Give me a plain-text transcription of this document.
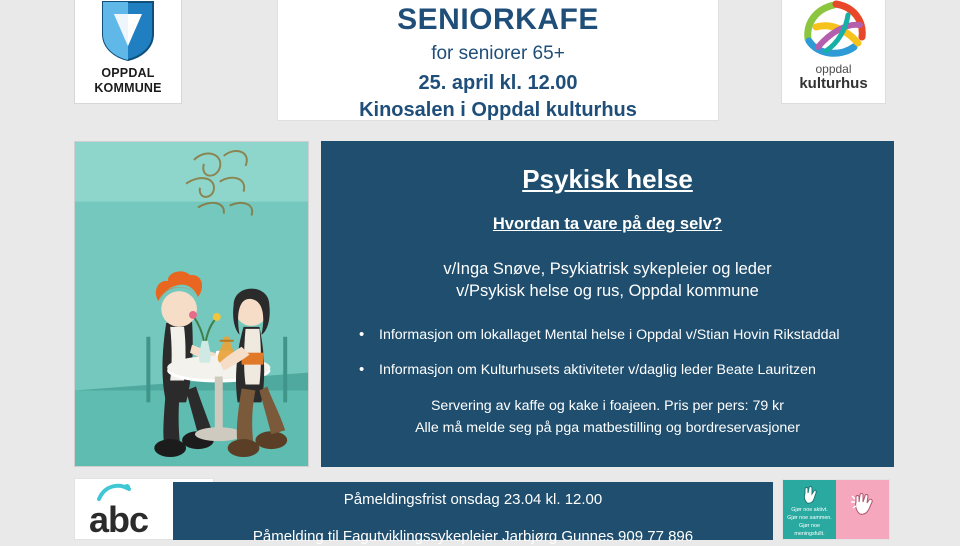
OPPDAL
KOMMUNE
SENIORKAFE
for seniorer 65+
25. april kl. 12.00
Kinosalen i Oppdal kulturhus
oppdal
kulturhus
Psykisk helse
Hvordan ta vare på deg selv?
v/Inga Snøve, Psykiatrisk sykepleier og leder
v/Psykisk helse og rus, Oppdal kommune
• Informasjon om lokallaget Mental helse i Oppdal v/Stian Hovin Rikstaddal
• Informasjon om Kulturhusets aktiviteter v/daglig leder Beate Lauritzen
Servering av kaffe og kake i foajeen. Pris per pers: 79 kr
Alle må melde seg på pga matbestilling og bordreservasjoner
abc	Påmeldingsfrist onsdag 23.04 kl. 12.00
Påmelding til Fagutviklingssykepleier Jarbjørg Gunnes 909 77 896
Gjør noe aktivt. Gjør noe sammen. Gjør noe meningsfullt.
